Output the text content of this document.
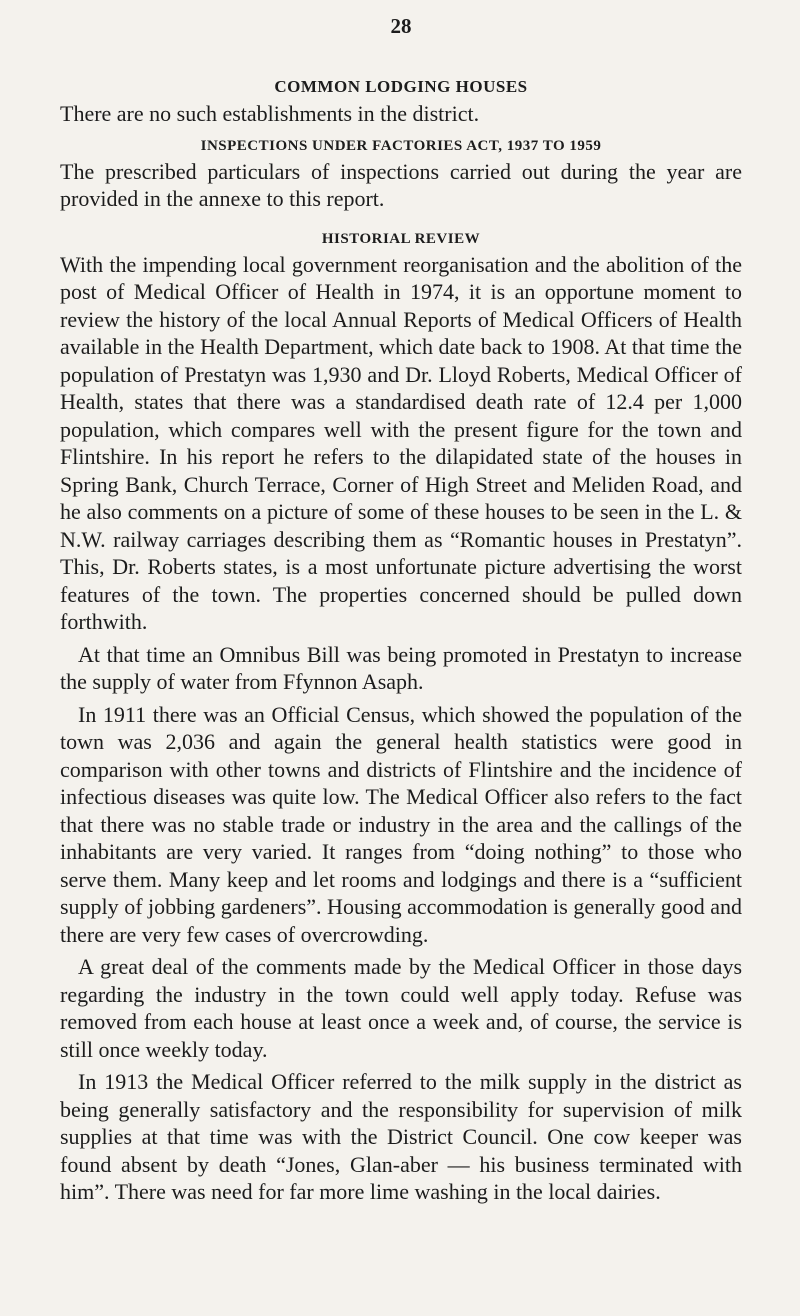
28
COMMON LODGING HOUSES

There are no such establishments in the district.

INSPECTIONS UNDER FACTORIES ACT, 1937 TO 1959

The prescribed particulars of inspections carried out during the year are provided in the annexe to this report.

HISTORIAL REVIEW

With the impending local government reorganisation and the abolition of the post of Medical Officer of Health in 1974, it is an opportune moment to review the history of the local Annual Reports of Medical Officers of Health available in the Health Department, which date back to 1908. At that time the population of Prestatyn was 1,930 and Dr. Lloyd Roberts, Medical Officer of Health, states that there was a standardised death rate of 12.4 per 1,000 population, which compares well with the present figure for the town and Flintshire. In his report he refers to the dilapidated state of the houses in Spring Bank, Church Terrace, Corner of High Street and Meliden Road, and he also comments on a picture of some of these houses to be seen in the L. & N.W. railway carriages describing them as “Romantic houses in Prestatyn”. This, Dr. Roberts states, is a most unfortunate picture advertising the worst features of the town. The properties concerned should be pulled down forthwith.

At that time an Omnibus Bill was being promoted in Prestatyn to increase the supply of water from Ffynnon Asaph.

In 1911 there was an Official Census, which showed the population of the town was 2,036 and again the general health statistics were good in comparison with other towns and districts of Flintshire and the incidence of infectious diseases was quite low. The Medical Officer also refers to the fact that there was no stable trade or industry in the area and the callings of the inhabitants are very varied. It ranges from “doing nothing” to those who serve them. Many keep and let rooms and lodgings and there is a “sufficient supply of jobbing gardeners”. Housing accommodation is generally good and there are very few cases of overcrowding.

A great deal of the comments made by the Medical Officer in those days regarding the industry in the town could well apply today. Refuse was removed from each house at least once a week and, of course, the service is still once weekly today.

In 1913 the Medical Officer referred to the milk supply in the district as being generally satisfactory and the responsibility for supervision of milk supplies at that time was with the District Council. One cow keeper was found absent by death “Jones, Glan-aber — his business terminated with him”. There was need for far more lime washing in the local dairies.
